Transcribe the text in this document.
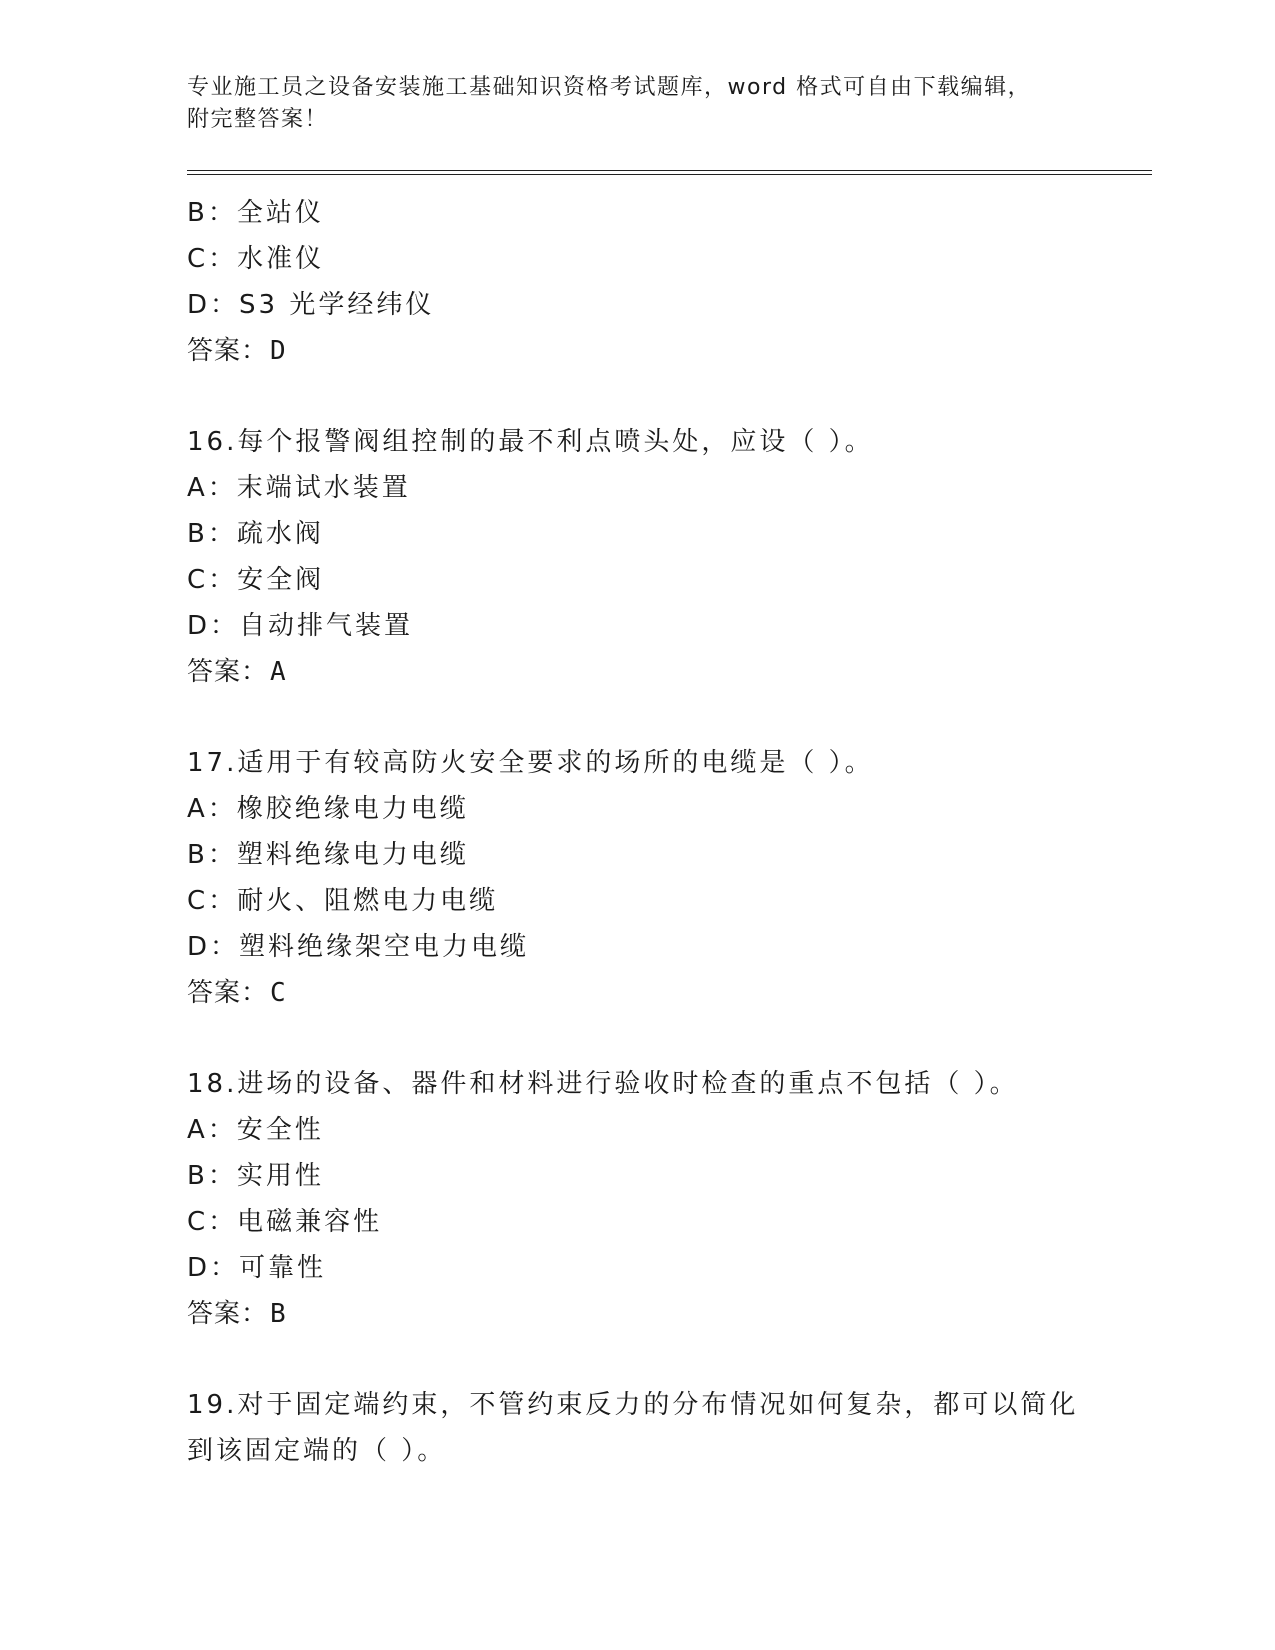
专业施工员之设备安装施工基础知识资格考试题库，word 格式可自由下载编辑，
附完整答案！
B：全站仪
C：水准仪
D：S3 光学经纬仪
答案：D
16.每个报警阀组控制的最不利点喷头处，应设（ ）。
A：末端试水装置
B：疏水阀
C：安全阀
D：自动排气装置
答案：A
17.适用于有较高防火安全要求的场所的电缆是（ ）。
A：橡胶绝缘电力电缆
B：塑料绝缘电力电缆
C：耐火、阻燃电力电缆
D：塑料绝缘架空电力电缆
答案：C
18.进场的设备、器件和材料进行验收时检查的重点不包括（ ）。
A：安全性
B：实用性
C：电磁兼容性
D：可靠性
答案：B
19.对于固定端约束，不管约束反力的分布情况如何复杂，都可以简化
到该固定端的（ ）。
